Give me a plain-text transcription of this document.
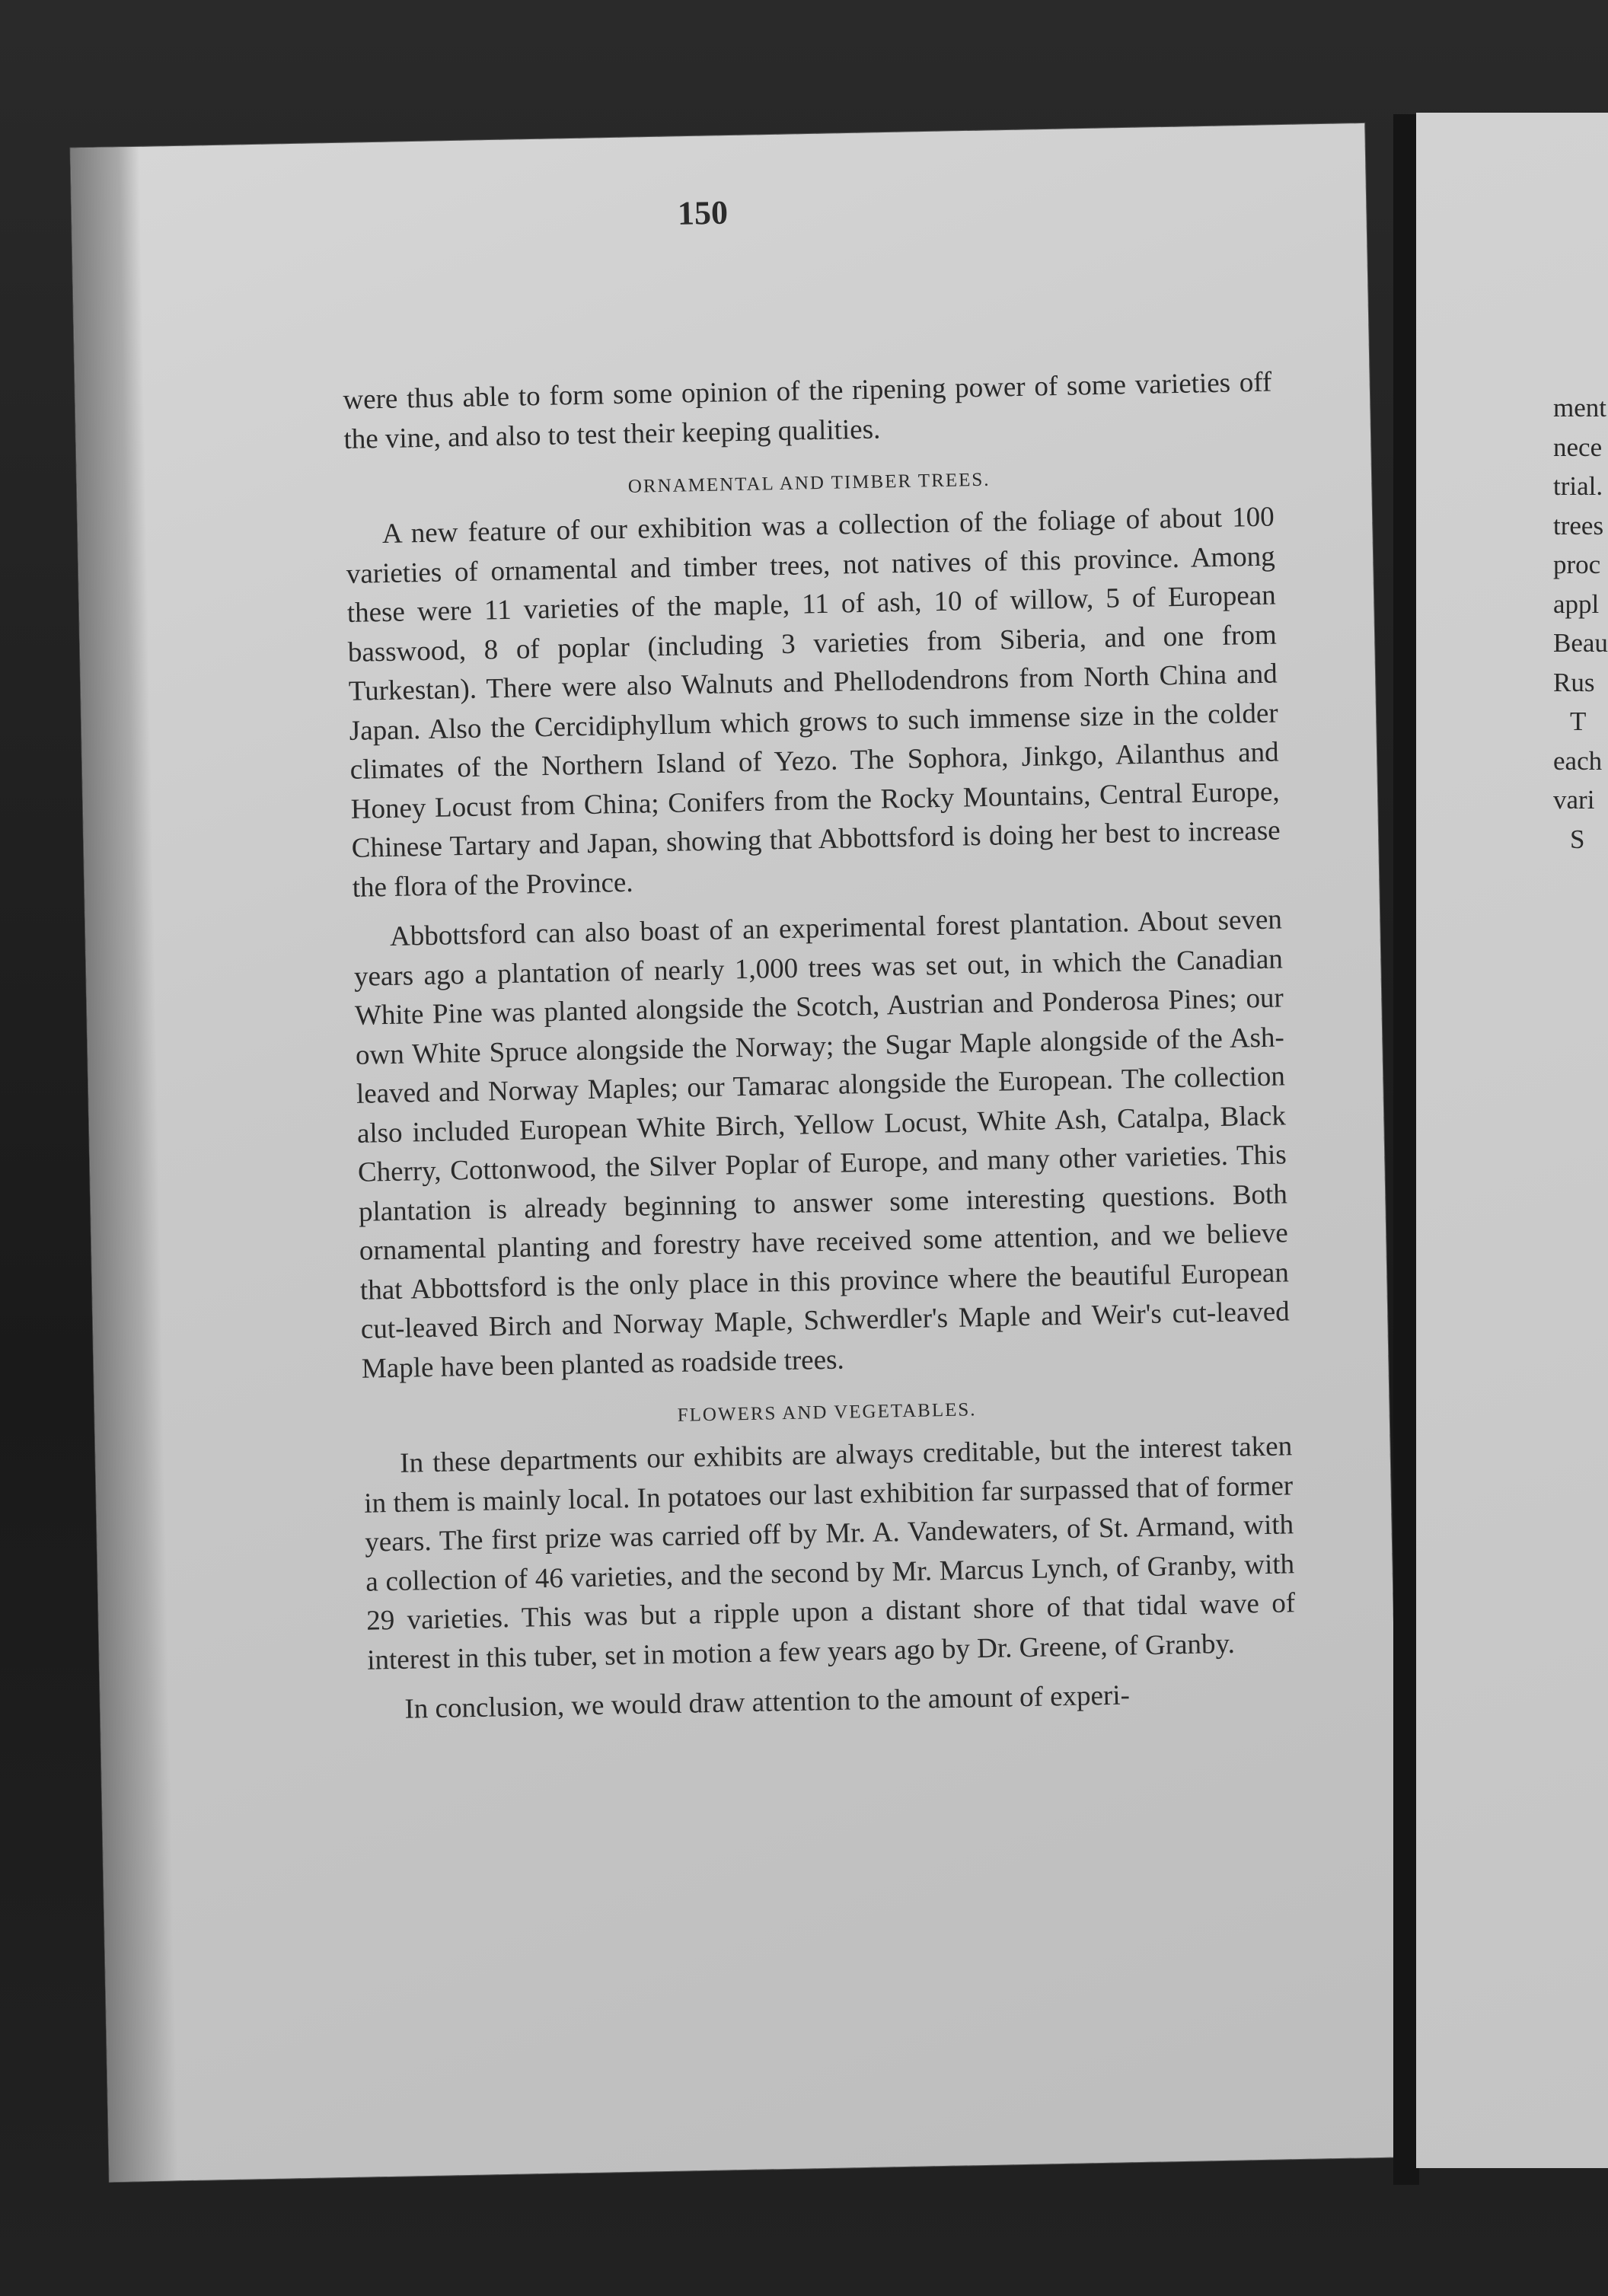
150

were thus able to form some opinion of the ripening power of some varieties off the vine, and also to test their keeping qualities.

ORNAMENTAL AND TIMBER TREES.

A new feature of our exhibition was a collection of the foliage of about 100 varieties of ornamental and timber trees, not natives of this province. Among these were 11 varieties of the maple, 11 of ash, 10 of willow, 5 of European basswood, 8 of poplar (including 3 varieties from Siberia, and one from Turkestan). There were also Walnuts and Phellodendrons from North China and Japan. Also the Cercidiphyllum which grows to such immense size in the colder climates of the Northern Island of Yezo. The Sophora, Jinkgo, Ailanthus and Honey Locust from China; Conifers from the Rocky Mountains, Central Europe, Chinese Tartary and Japan, showing that Abbottsford is doing her best to increase the flora of the Province.

Abbottsford can also boast of an experimental forest plantation. About seven years ago a plantation of nearly 1,000 trees was set out, in which the Canadian White Pine was planted alongside the Scotch, Austrian and Ponderosa Pines; our own White Spruce alongside the Norway; the Sugar Maple alongside of the Ash-leaved and Norway Maples; our Tamarac alongside the European. The collection also included European White Birch, Yellow Locust, White Ash, Catalpa, Black Cherry, Cottonwood, the Silver Poplar of Europe, and many other varieties. This plantation is already beginning to answer some interesting questions. Both ornamental planting and forestry have received some attention, and we believe that Abbottsford is the only place in this province where the beautiful European cut-leaved Birch and Norway Maple, Schwerdler's Maple and Weir's cut-leaved Maple have been planted as roadside trees.

FLOWERS AND VEGETABLES.

In these departments our exhibits are always creditable, but the interest taken in them is mainly local. In potatoes our last exhibition far surpassed that of former years. The first prize was carried off by Mr. A. Vandewaters, of St. Armand, with a collection of 46 varieties, and the second by Mr. Marcus Lynch, of Granby, with 29 varieties. This was but a ripple upon a distant shore of that tidal wave of interest in this tuber, set in motion a few years ago by Dr. Greene, of Granby.

In conclusion, we would draw attention to the amount of experi-

ment
nece
trial.
trees
proc
appl
Beau
Rus
T
each
vari
S
